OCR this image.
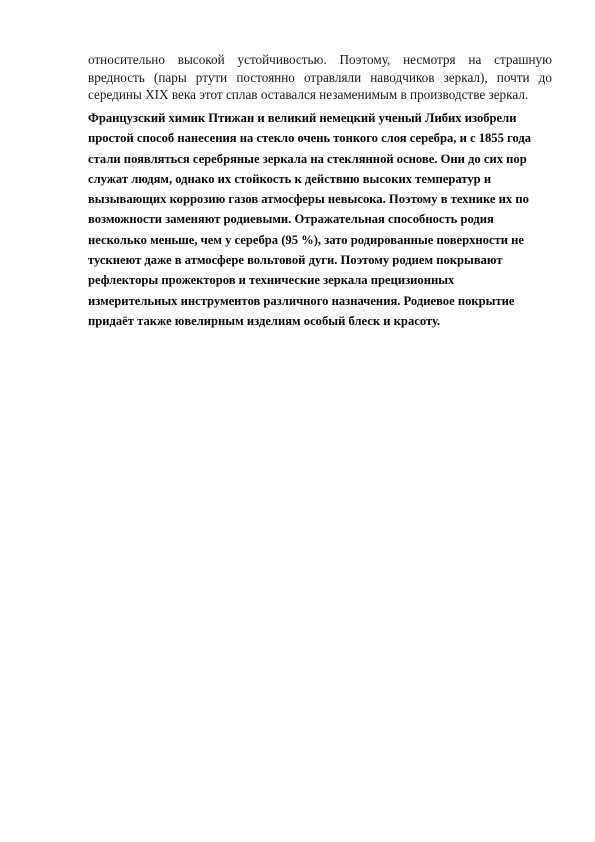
относительно высокой устойчивостью. Поэтому, несмотря на страшную
вредность (пары ртути постоянно отравляли наводчиков зеркал), почти до
середины XIX века этот сплав оставался незаменимым в производстве зеркал.

Французский химик Птижан и великий немецкий ученый Либих изобрели
простой способ нанесения на стекло очень тонкого слоя серебра, и с 1855 года
стали появляться серебряные зеркала на стеклянной основе. Они до сих пор
служат людям, однако их стойкость к действию высоких температур и
вызывающих коррозию газов атмосферы невысока. Поэтому в технике их по
возможности заменяют родиевыми. Отражательная способность родия
несколько меньше, чем у серебра (95 %), зато родированные поверхности не
тускнеют даже в атмосфере вольтовой дуги. Поэтому родием покрывают
рефлекторы прожекторов и технические зеркала прецизионных
измерительных инструментов различного назначения. Родиевое покрытие
придаёт также ювелирным изделиям особый блеск и красоту.
